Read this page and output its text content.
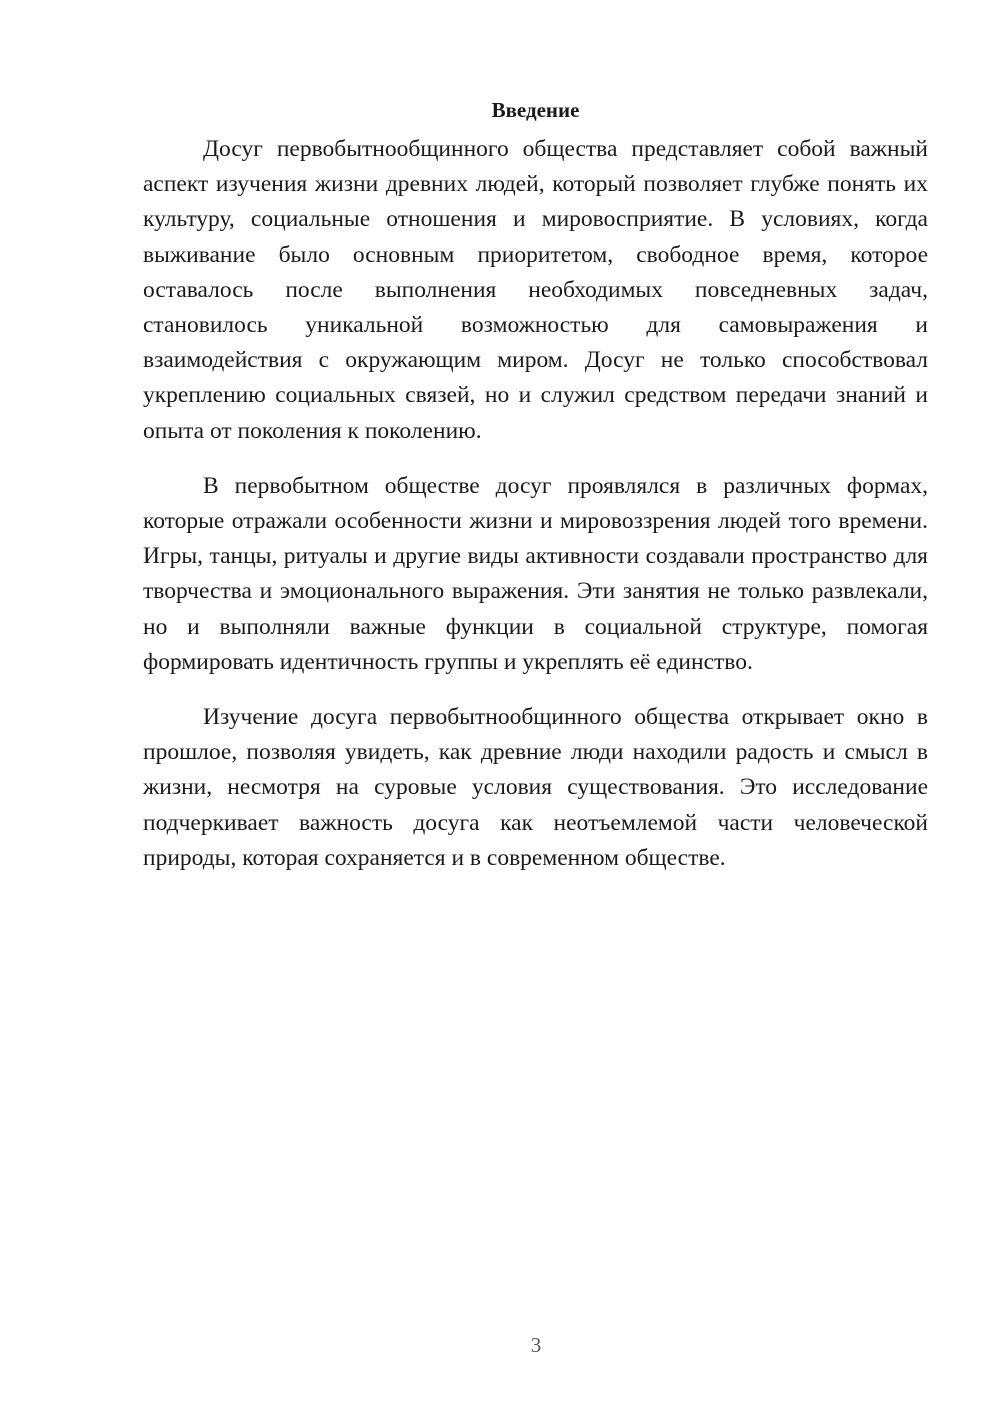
Введение

Досуг первобытнообщинного общества представляет собой важный аспект изучения жизни древних людей, который позволяет глубже понять их культуру, социальные отношения и мировосприятие. В условиях, когда выживание было основным приоритетом, свободное время, которое оставалось после выполнения необходимых повседневных задач, становилось уникальной возможностью для самовыражения и взаимодействия с окружающим миром. Досуг не только способствовал укреплению социальных связей, но и служил средством передачи знаний и опыта от поколения к поколению.

В первобытном обществе досуг проявлялся в различных формах, которые отражали особенности жизни и мировоззрения людей того времени. Игры, танцы, ритуалы и другие виды активности создавали пространство для творчества и эмоционального выражения. Эти занятия не только развлекали, но и выполняли важные функции в социальной структуре, помогая формировать идентичность группы и укреплять её единство.

Изучение досуга первобытнообщинного общества открывает окно в прошлое, позволяя увидеть, как древние люди находили радость и смысл в жизни, несмотря на суровые условия существования. Это исследование подчеркивает важность досуга как неотъемлемой части человеческой природы, которая сохраняется и в современном обществе.

3
